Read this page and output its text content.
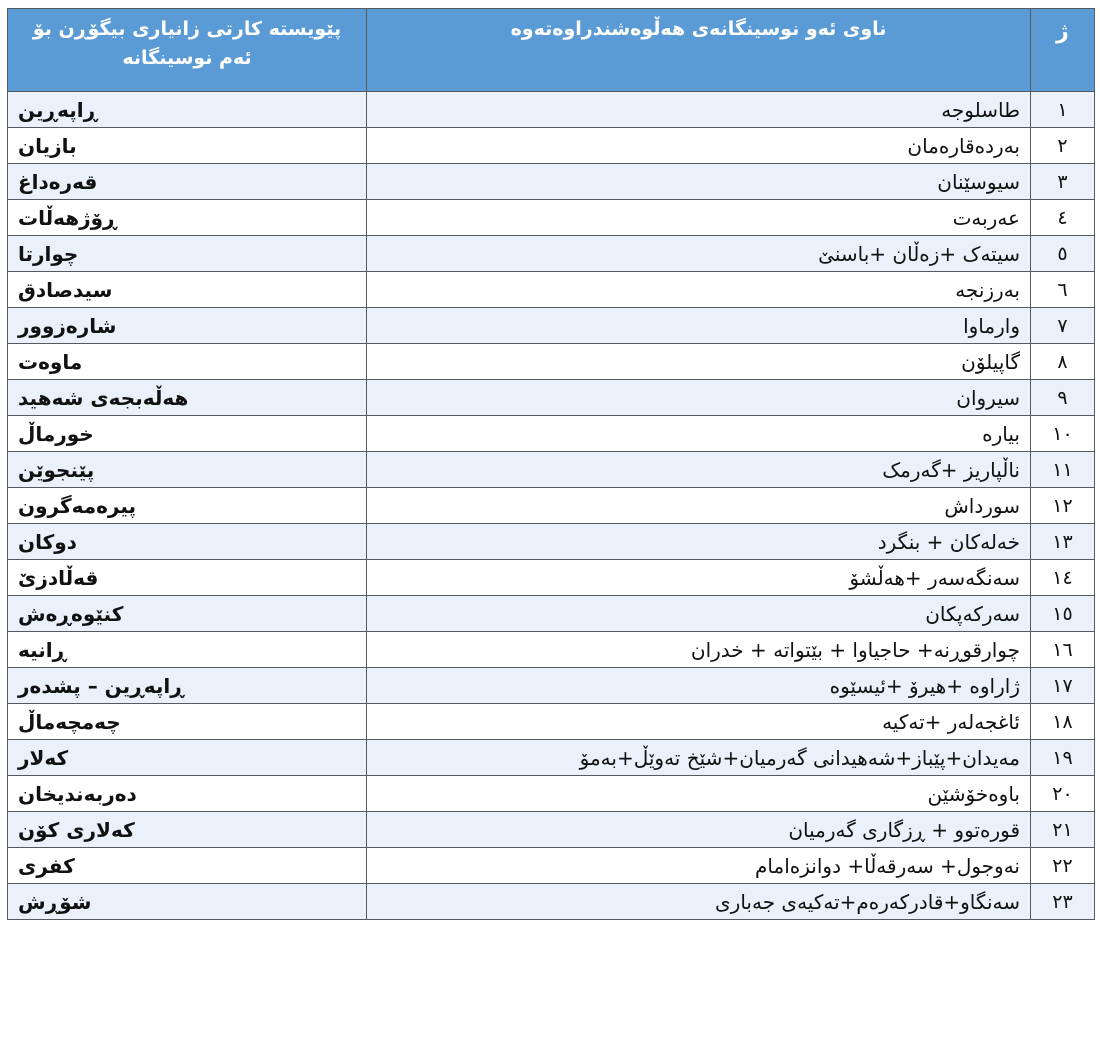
پێویستە کارتی زانیاری بیگۆڕن بۆ ئەم نوسینگانە	ناوی ئەو نوسینگانەی هەڵوەشندراوەتەوە	ژ
ڕاپەڕین	طاسلوجە	١
بازیان	بەردەقارەمان	٢
قەرەداغ	سیوسێنان	٣
ڕۆژهەڵات	عەربەت	٤
چوارتا	سیتەک +زەڵان +باسنێ	٥
سیدصادق	بەرزنجە	٦
شارەزوور	وارماوا	٧
ماوەت	گاپیلۆن	٨
هەڵەبجەی شەهید	سیروان	٩
خورماڵ	بیارە	١٠
پێنجوێن	ناڵپاریز +گەرمک	١١
پیرەمەگرون	سورداش	١٢
دوکان	خەلەکان + بنگرد	١٣
قەڵادزێ	سەنگەسەر +هەڵشۆ	١٤
کنێوەڕەش	سەرکەپکان	١٥
ڕانیە	چوارقوڕنە+ حاجیاوا + بێتواتە + خدران	١٦
ڕاپەڕین – پشدەر	ژاراوە +هیرۆ +ئیسێوە	١٧
چەمچەماڵ	ئاغجەلەر +تەکیە	١٨
کەلار	مەیدان+پێباز+شەهیدانی گەرمیان+شێخ تەوێڵ+بەمۆ	١٩
دەربەندیخان	باوەخۆشێن	٢٠
کەلاری کۆن	قورەتوو + ڕزگاری گەرمیان	٢١
کفری	نەوجول+ سەرقەڵا+ دوانزەامام	٢٢
شۆڕش	سەنگاو+قادرکەرەم+تەکیەی جەباری	٢٣
